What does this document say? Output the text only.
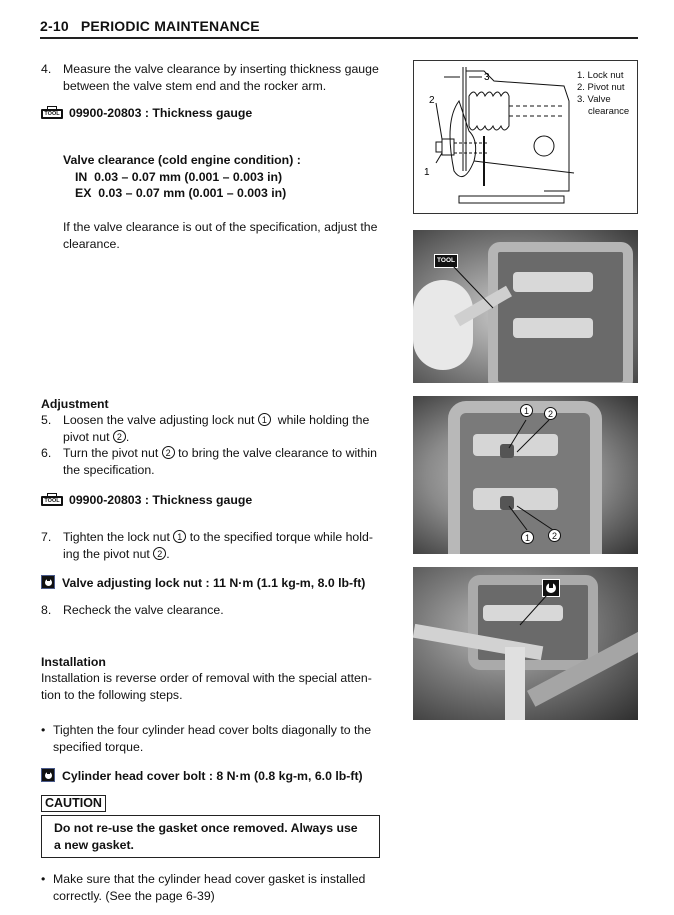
2-10 PERIODIC MAINTENANCE
4. Measure the valve clearance by inserting thickness gauge
between the valve stem end and the rocker arm.
TOOL 09900-20803 : Thickness gauge
Valve clearance (cold engine condition) :
IN  0.03 – 0.07 mm (0.001 – 0.003 in)
EX  0.03 – 0.07 mm (0.001 – 0.003 in)
If the valve clearance is out of the specification, adjust the
clearance.
Adjustment
5. Loosen the valve adjusting lock nut 1 while holding the
pivot nut 2 .
6. Turn the pivot nut 2 to bring the valve clearance to within
the specification.
TOOL 09900-20803 : Thickness gauge
7. Tighten the lock nut 1 to the specified torque while hold-
ing the pivot nut 2 .
Valve adjusting lock nut : 11 N·m (1.1 kg-m, 8.0 lb-ft)
8. Recheck the valve clearance.
Installation
Installation is reverse order of removal with the special atten-
tion to the following steps.
• Tighten the four cylinder head cover bolts diagonally to the
specified torque.
Cylinder head cover bolt : 8 N·m (0.8 kg-m, 6.0 lb-ft)
CAUTION
Do not re-use the gasket once removed. Always use
a new gasket.
• Make sure that the cylinder head cover gasket is installed
correctly. (See the page 6-39)
3
2
1
1. Lock nut
2. Pivot nut
3. Valve
clearance
TOOL
1	2
1	2
